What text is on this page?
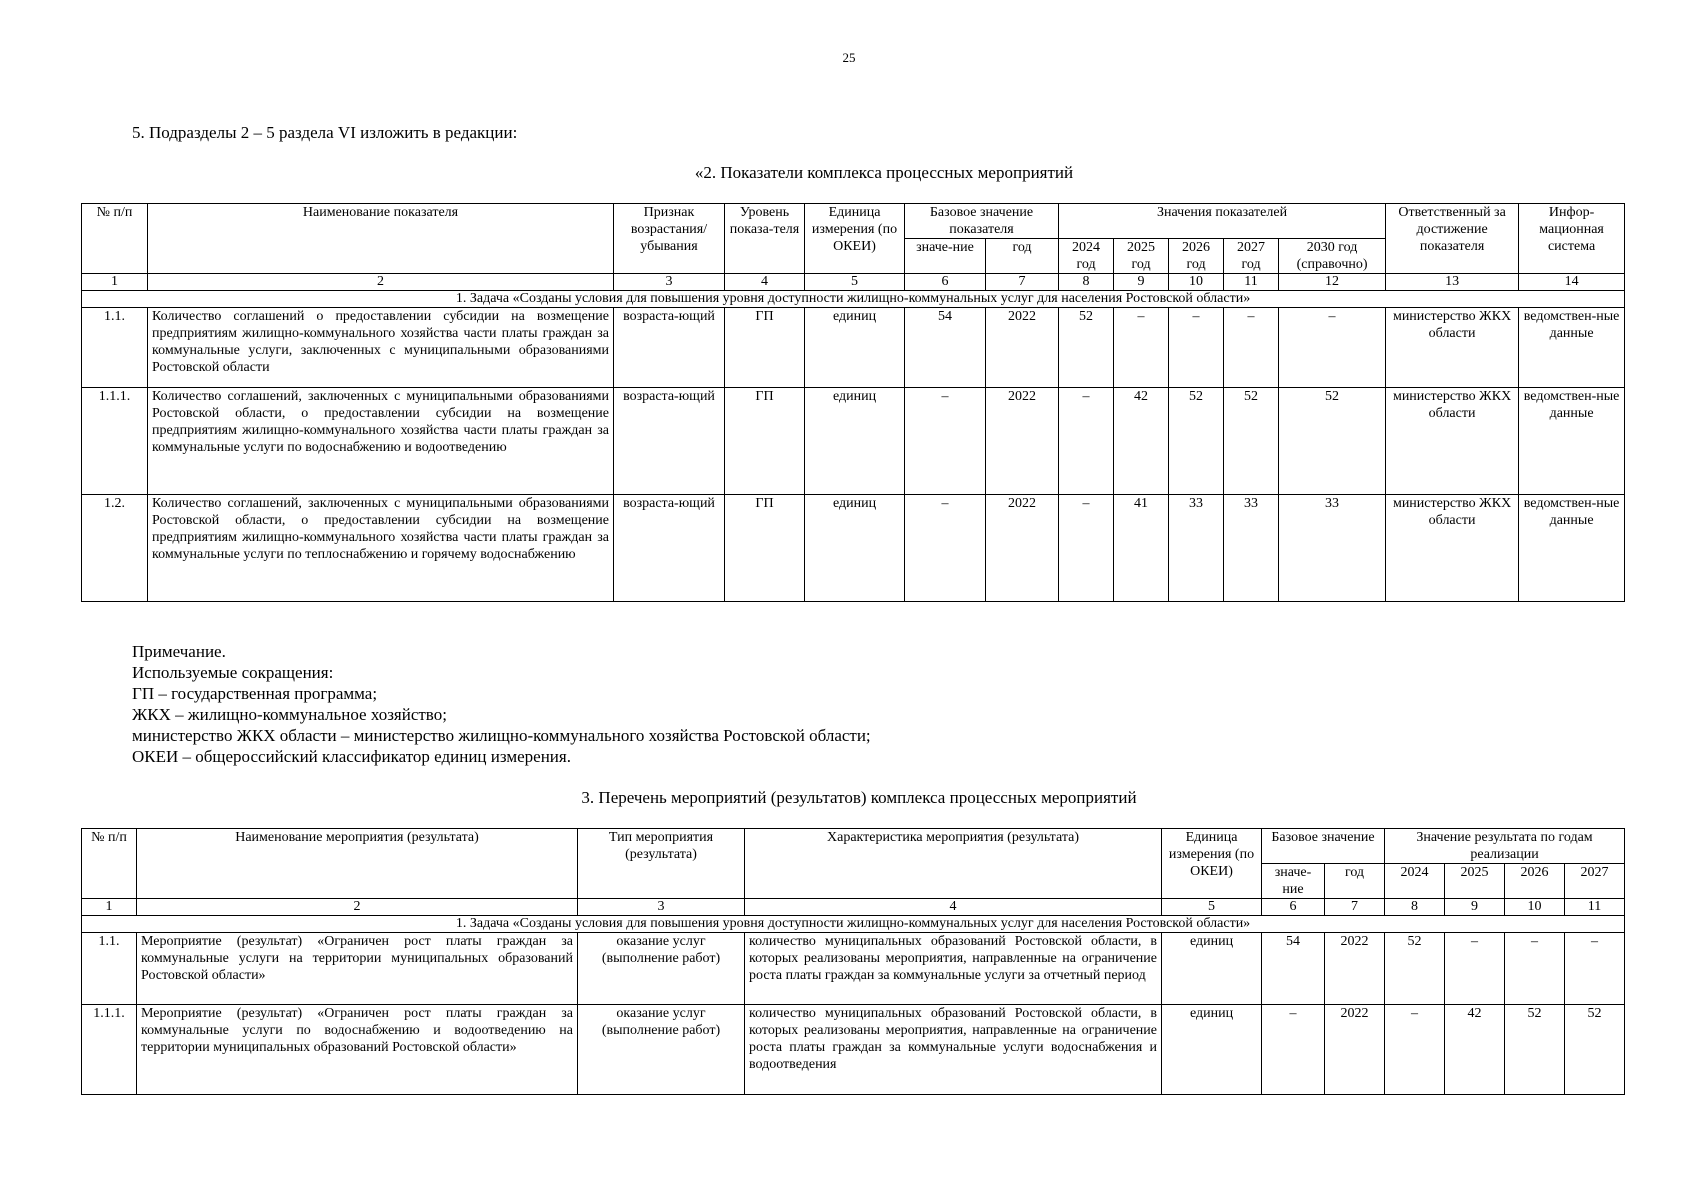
25
5. Подразделы 2 – 5 раздела VI изложить в редакции:
«2. Показатели комплекса процессных мероприятий
№ п/п	Наименование показателя	Признак возрастания/ убывания	Уровень показа-теля	Единица измерения (по ОКЕИ)	Базовое значение показателя		Значения показателей					Ответственный за достижение показателя	Инфор-мационная система
					значе-ние	год	2024 год	2025 год	2026 год	2027 год	2030 год (справочно)		
1	2	3	4	5	6	7	8	9	10	11	12	13	14
1. Задача «Созданы условия для повышения уровня доступности жилищно-коммунальных услуг для населения Ростовской области»													
1.1.	Количество соглашений о предоставлении субсидии на возмещение предприятиям жилищно-коммунального хозяйства части платы граждан за коммунальные услуги, заключенных с муниципальными образованиями Ростовской области	возраста-ющий	ГП	единиц	54	2022	52	–	–	–	–	министерство ЖКХ области	ведомствен-ные данные
1.1.1.	Количество соглашений, заключенных с муниципальными образованиями Ростовской области, о предоставлении субсидии на возмещение предприятиям жилищно-коммунального хозяйства части платы граждан за коммунальные услуги по водоснабжению и водоотведению	возраста-ющий	ГП	единиц	–	2022	–	42	52	52	52	министерство ЖКХ области	ведомствен-ные данные
1.2.	Количество соглашений, заключенных с муниципальными образованиями Ростовской области, о предоставлении субсидии на возмещение предприятиям жилищно-коммунального хозяйства части платы граждан за коммунальные услуги по теплоснабжению и горячему водоснабжению	возраста-ющий	ГП	единиц	–	2022	–	41	33	33	33	министерство ЖКХ области	ведомствен-ные данные
Примечание.
Используемые сокращения:
ГП – государственная программа;
ЖКХ – жилищно-коммунальное хозяйство;
министерство ЖКХ области – министерство жилищно-коммунального хозяйства Ростовской области;
ОКЕИ – общероссийский классификатор единиц измерения.
3. Перечень мероприятий (результатов) комплекса процессных мероприятий
№ п/п	Наименование мероприятия (результата)	Тип мероприятия (результата)	Характеристика мероприятия (результата)	Единица измерения (по ОКЕИ)	Базовое значение		Значение результата по годам реализации			
					значе-ние	год	2024	2025	2026	2027
1	2	3	4	5	6	7	8	9	10	11
1. Задача «Созданы условия для повышения уровня доступности жилищно-коммунальных услуг для населения Ростовской области»										
1.1.	Мероприятие (результат) «Ограничен рост платы граждан за коммунальные услуги на территории муниципальных образований Ростовской области»	оказание услуг (выполнение работ)	количество муниципальных образований Ростовской области, в которых реализованы мероприятия, направленные на ограничение роста платы граждан за коммунальные услуги за отчетный период	единиц	54	2022	52	–	–	–
1.1.1.	Мероприятие (результат) «Ограничен рост платы граждан за коммунальные услуги по водоснабжению и водоотведению на территории муниципальных образований Ростовской области»	оказание услуг (выполнение работ)	количество муниципальных образований Ростовской области, в которых реализованы мероприятия, направленные на ограничение роста платы граждан за коммунальные услуги водоснабжения и водоотведения	единиц	–	2022	–	42	52	52
